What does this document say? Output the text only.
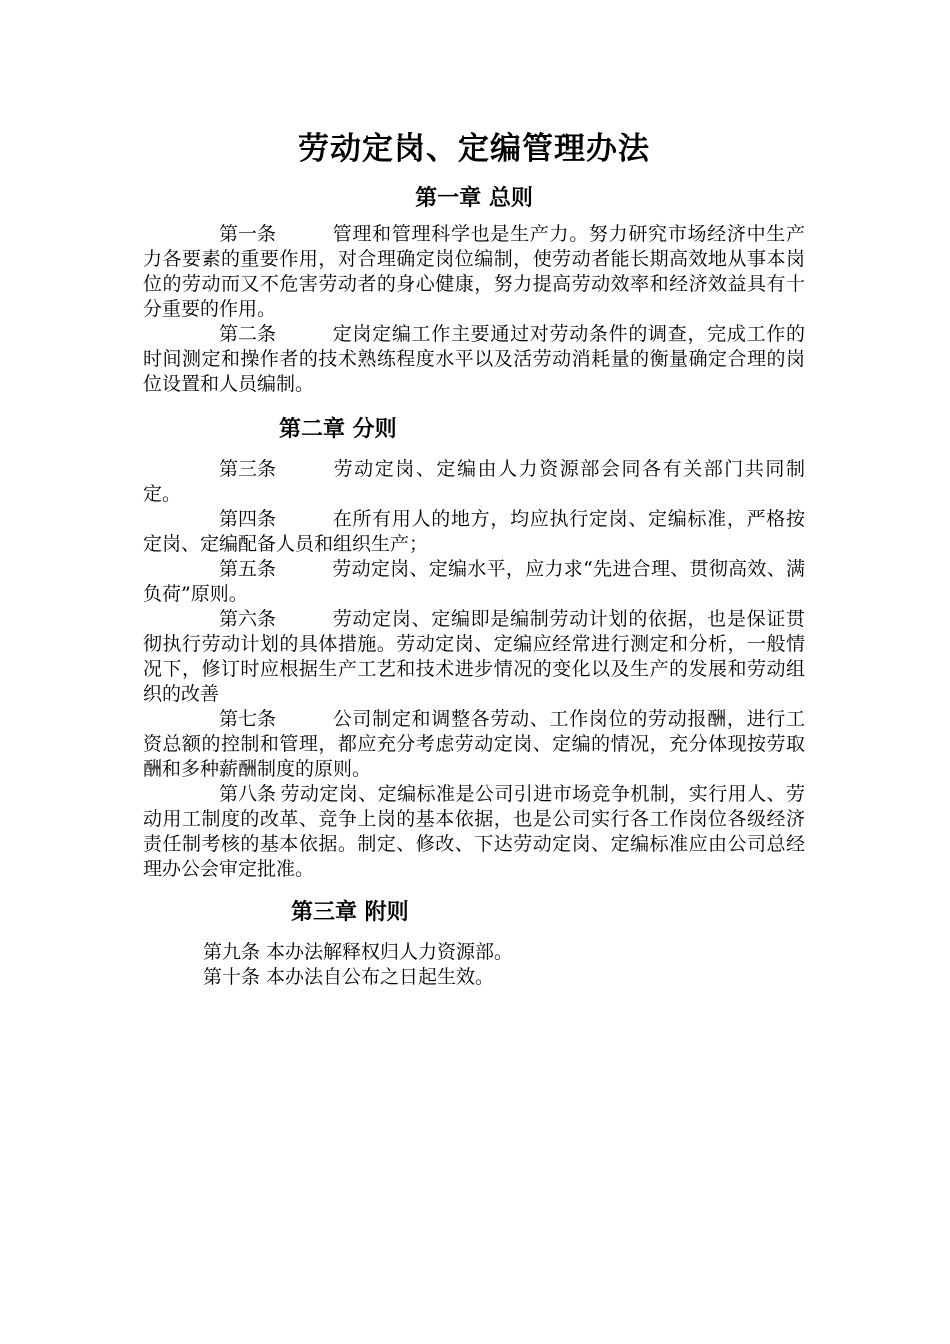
劳动定岗、定编管理办法
第一章 总则

第一条	管理和管理科学也是生产力。努力研究市场经济中生产力各要素的重要作用，对合理确定岗位编制，使劳动者能长期高效地从事本岗位的劳动而又不危害劳动者的身心健康，努力提高劳动效率和经济效益具有十分重要的作用。

第二条	定岗定编工作主要通过对劳动条件的调查，完成工作的时间测定和操作者的技术熟练程度水平以及活劳动消耗量的衡量确定合理的岗位设置和人员编制。

第二章 分则

第三条	劳动定岗、定编由人力资源部会同各有关部门共同制定。

第四条	在所有用人的地方，均应执行定岗、定编标准，严格按定岗、定编配备人员和组织生产；

第五条	劳动定岗、定编水平，应力求“先进合理、贯彻高效、满负荷”原则。

第六条	劳动定岗、定编即是编制劳动计划的依据，也是保证贯彻执行劳动计划的具体措施。劳动定岗、定编应经常进行测定和分析，一般情况下，修订时应根据生产工艺和技术进步情况的变化以及生产的发展和劳动组织的改善

第七条	公司制定和调整各劳动、工作岗位的劳动报酬，进行工资总额的控制和管理，都应充分考虑劳动定岗、定编的情况，充分体现按劳取酬和多种薪酬制度的原则。

第八条 劳动定岗、定编标准是公司引进市场竞争机制，实行用人、劳动用工制度的改革、竞争上岗的基本依据，也是公司实行各工作岗位各级经济责任制考核的基本依据。制定、修改、下达劳动定岗、定编标准应由公司总经理办公会审定批准。

第三章 附则

第九条 本办法解释权归人力资源部。

第十条 本办法自公布之日起生效。
